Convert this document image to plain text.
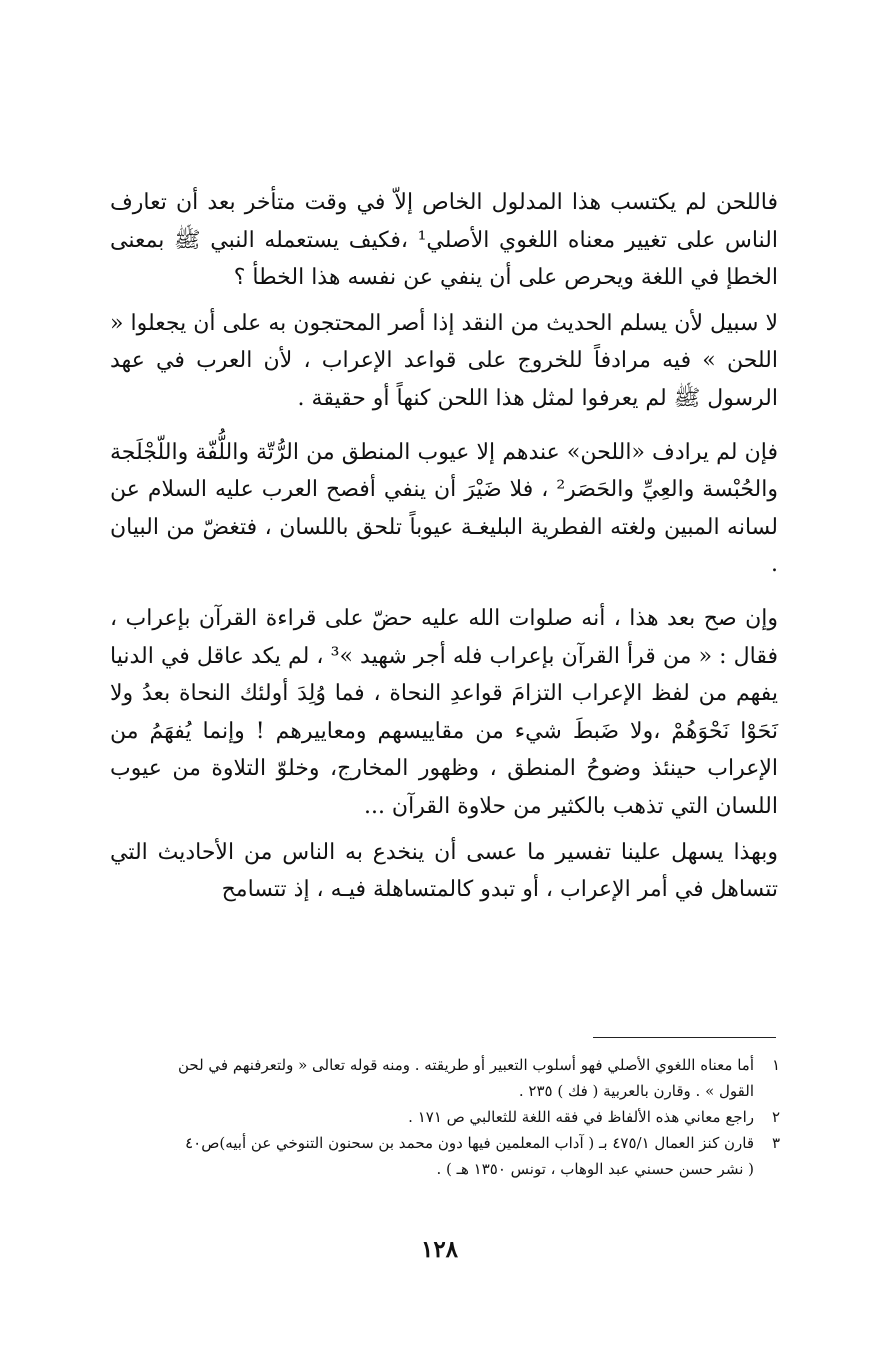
فاللحن لم يكتسب هذا المدلول الخاص إلاّ في وقت متأخر بعد أن تعارف الناس على تغيير معناه اللغوي الأصلي¹ ،فكيف يستعمله النبي ﷺ بمعنى الخطإ في اللغة ويحرص على أن ينفي عن نفسه هذا الخطأ ؟

لا سبيل لأن يسلم الحديث من النقد إذا أصر المحتجون به على أن يجعلوا « اللحن » فيه مرادفاً للخروج على قواعد الإعراب ، لأن العرب في عهد الرسول ﷺ لم يعرفوا لمثل هذا اللحن كنهاً أو حقيقة .

فإن لم يرادف «اللحن» عندهم إلا عيوب المنطق من الرُّتّة واللُّفّة واللّجْلَجة والحُبْسة والعِيِّ والحَصَر² ، فلا ضَيْرَ أن ينفي أفصح العرب عليه السلام عن لسانه المبين ولغته الفطرية البليغـة عيوباً تلحق باللسان ، فتغضّ من البيان .

وإن صح بعد هذا ، أنه صلوات الله عليه حضّ على قراءة القرآن بإعراب ، فقال : « من قرأ القرآن بإعراب فله أجر شهيد »³ ، لم يكد عاقل في الدنيا يفهم من لفظ الإعراب التزامَ قواعدِ النحاة ، فما وُلِدَ أولئك النحاة بعدُ ولا نَحَوْا نَحْوَهُمْ ،ولا ضَبطَ شيء من مقاييسهم ومعاييرهم ! وإنما يُفهَمُ من الإعراب حينئذ وضوحُ المنطق ، وظهور المخارج، وخلوّ التلاوة من عيوب اللسان التي تذهب بالكثير من حلاوة القرآن ...

وبهذا يسهل علينا تفسير ما عسى أن ينخدع به الناس من الأحاديث التي تتساهل في أمر الإعراب ، أو تبدو كالمتساهلة فيـه ، إذ تتسامح

١
أما معناه اللغوي الأصلي فهو أسلوب التعبير أو طريقته . ومنه قوله تعالى « ولتعرفنهم في لحن
القول » . وقارن بالعربية ( فك ) ٢٣٥ .
٢
راجع معاني هذه الألفاظ في فقه اللغة للثعالبي ص ١٧١ .
٣
قارن كنز العمال ٤٧٥/١ بـ ( آداب المعلمين فيها دون محمد بن سحنون التنوخي عن أبيه)ص٤٠
( نشر حسن حسني عبد الوهاب ، تونس ١٣٥٠ هـ ) .
١٢٨
